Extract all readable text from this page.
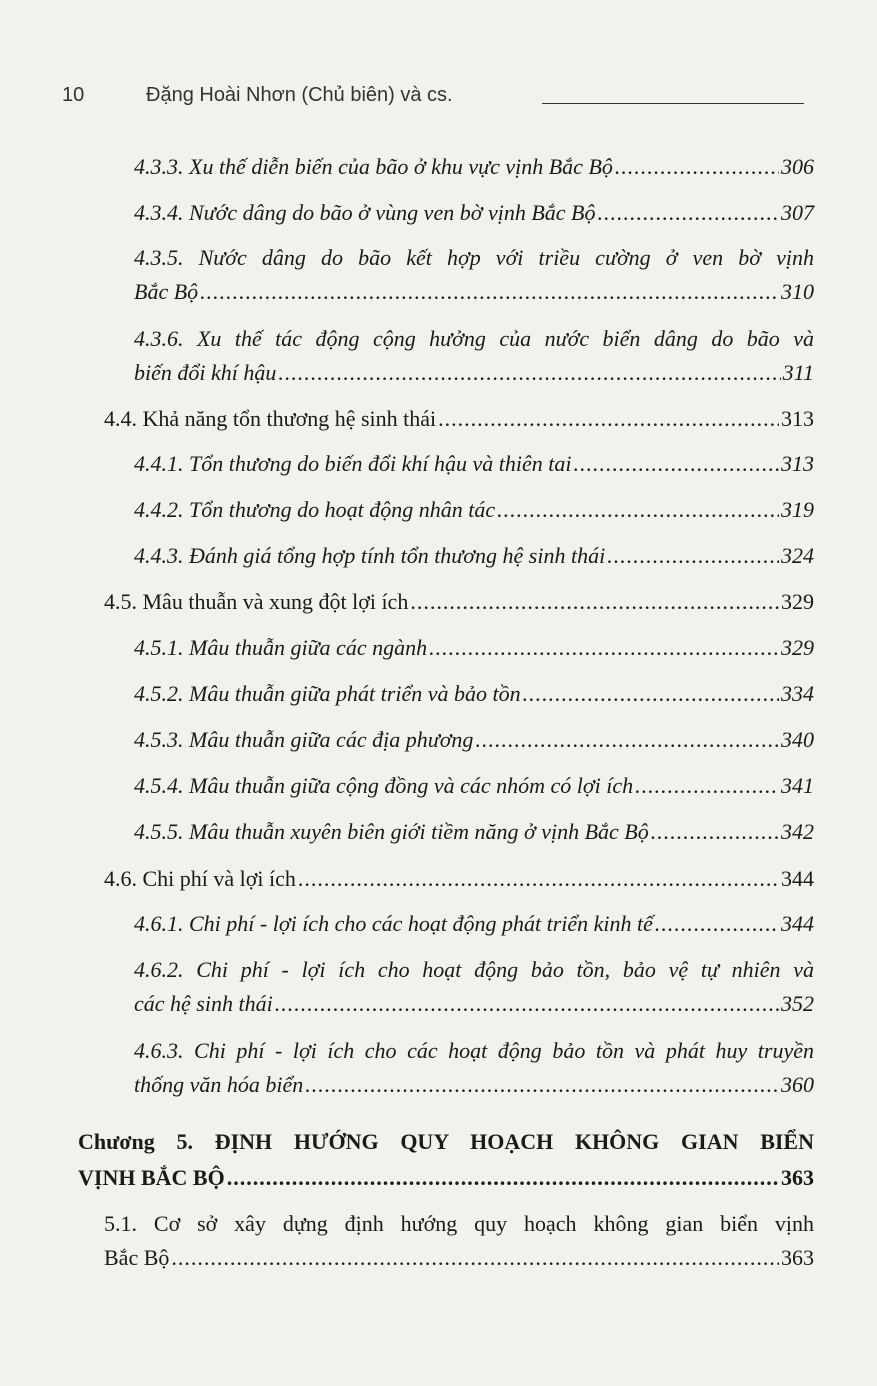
10	Đặng Hoài Nhơn (Chủ biên) và cs.
4.3.3. Xu thế diễn biến của bão ở khu vực vịnh Bắc Bộ .....	306
4.3.4. Nước dâng do bão ở vùng ven bờ vịnh Bắc Bộ .....	307
4.3.5. Nước dâng do bão kết hợp với triều cường ở ven bờ vịnh
Bắc Bộ .....	310
4.3.6. Xu thế tác động cộng hưởng của nước biển dâng do bão và
biến đổi khí hậu .....	311
4.4. Khả năng tổn thương hệ sinh thái .....	313
4.4.1. Tổn thương do biến đổi khí hậu và thiên tai .....	313
4.4.2. Tổn thương do hoạt động nhân tác .....	319
4.4.3. Đánh giá tổng hợp tính tổn thương hệ sinh thái .....	324
4.5. Mâu thuẫn và xung đột lợi ích .....	329
4.5.1. Mâu thuẫn giữa các ngành .....	329
4.5.2. Mâu thuẫn giữa phát triển và bảo tồn .....	334
4.5.3. Mâu thuẫn giữa các địa phương .....	340
4.5.4. Mâu thuẫn giữa cộng đồng và các nhóm có lợi ích .....	341
4.5.5. Mâu thuẫn xuyên biên giới tiềm năng ở vịnh Bắc Bộ .....	342
4.6. Chi phí và lợi ích .....	344
4.6.1. Chi phí - lợi ích cho các hoạt động phát triển kinh tế .....	344
4.6.2. Chi phí - lợi ích cho hoạt động bảo tồn, bảo vệ tự nhiên và
các hệ sinh thái .....	352
4.6.3. Chi phí - lợi ích cho các hoạt động bảo tồn và phát huy truyền
thống văn hóa biển .....	360
Chương 5. ĐỊNH HƯỚNG QUY HOẠCH KHÔNG GIAN BIỂN
VỊNH BẮC BỘ .....	363
5.1. Cơ sở xây dựng định hướng quy hoạch không gian biển vịnh
Bắc Bộ .....	363
